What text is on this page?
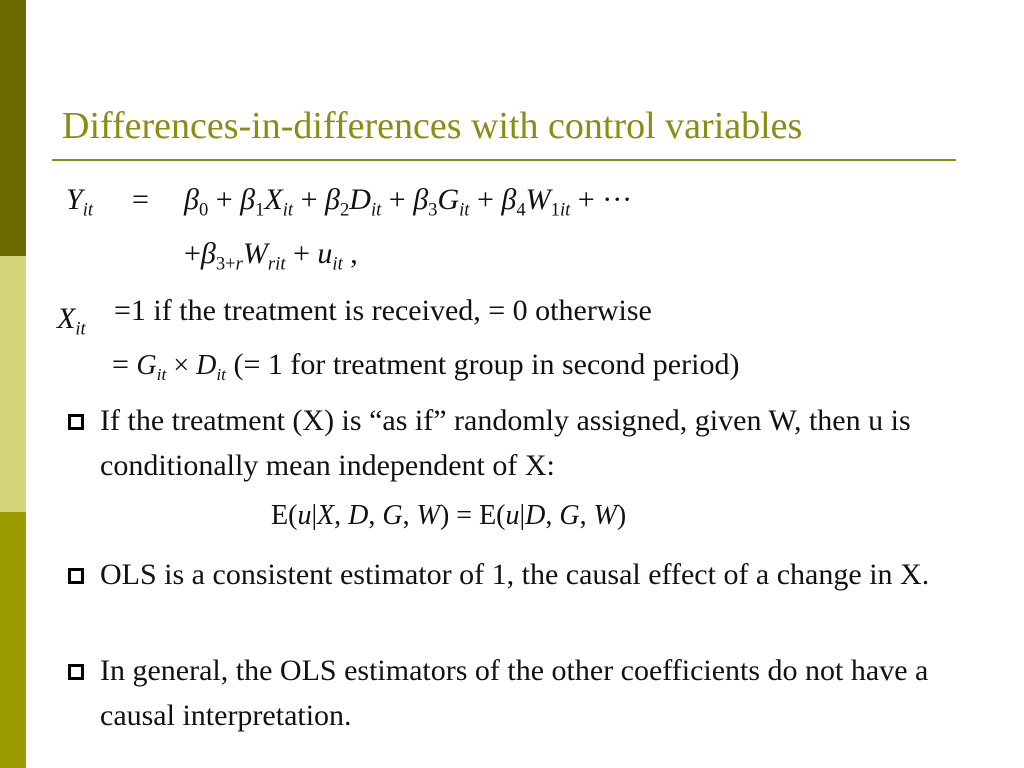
Differences-in-differences with control variables
$Y_{it} = \beta_0 + \beta_1X_{it} + \beta_2D_{it} + \beta_3G_{it} + \beta_4W_{1it}$ + ···
$+\beta_{3+r}W_{rit} + u_{it}$ ,
$X_{it}$
=1 if the treatment is received, = 0 otherwise
= $G_{it} \times D_{it}$ (= 1 for treatment group in second period)
If the treatment (X) is “as if” randomly assigned, given W, then u is conditionally mean independent of X:
E(u|X, D, G, W) = E(u|D, G, W)
OLS is a consistent estimator of 1, the causal effect of a change in X.
In general, the OLS estimators of the other coefficients do not have a causal interpretation.
